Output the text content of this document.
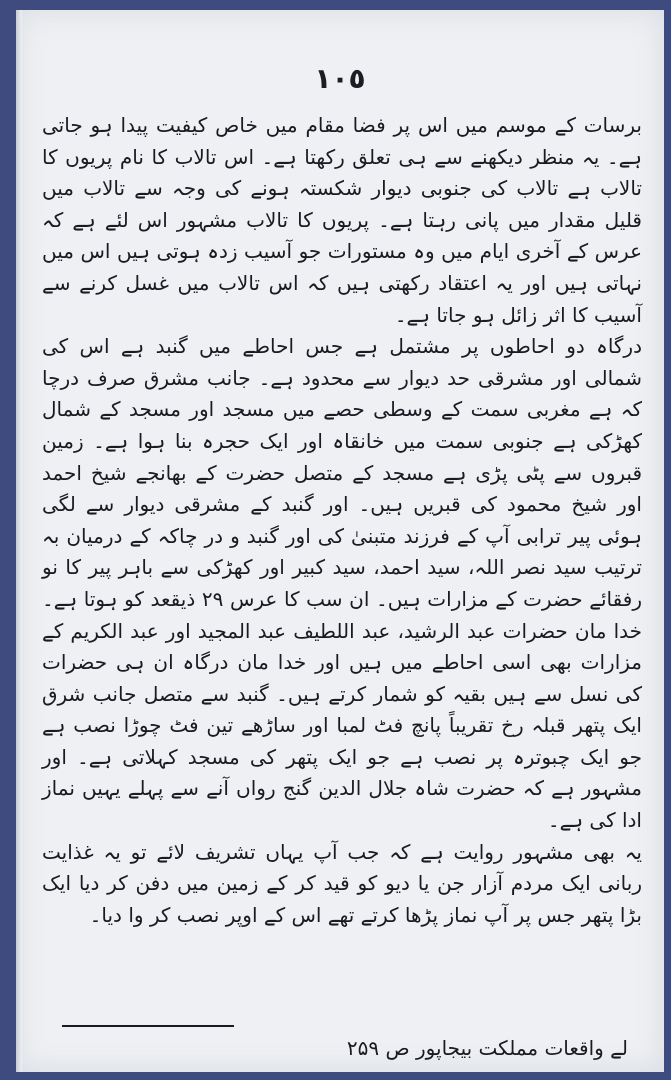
١٠٥

برسات کے موسم میں اس پر فضا مقام میں خاص کیفیت پیدا ہو جاتی ہے۔ یہ منظر دیکھنے سے ہی تعلق رکھتا ہے۔ اس تالاب کا نام پریوں کا تالاب ہے تالاب کی جنوبی دیوار شکستہ ہونے کی وجہ سے تالاب میں قلیل مقدار میں پانی رہتا ہے۔ پریوں کا تالاب مشہور اس لئے ہے کہ عرس کے آخری ایام میں وہ مستورات جو آسیب زدہ ہوتی ہیں اس میں نہاتی ہیں اور یہ اعتقاد رکھتی ہیں کہ اس تالاب میں غسل کرنے سے آسیب کا اثر زائل ہو جاتا ہے۔

درگاہ دو احاطوں پر مشتمل ہے جس احاطے میں گنبد ہے اس کی شمالی اور مشرقی حد دیوار سے محدود ہے۔ جانب مشرق صرف درچا کہ ہے مغربی سمت کے وسطی حصے میں مسجد اور مسجد کے شمال کھڑکی ہے جنوبی سمت میں خانقاہ اور ایک حجرہ بنا ہوا ہے۔ زمین قبروں سے پٹی پڑی ہے مسجد کے متصل حضرت کے بھانجے شیخ احمد اور شیخ محمود کی قبریں ہیں۔ اور گنبد کے مشرقی دیوار سے لگی ہوئی پیر ترابی آپ کے فرزند متبنیٰ کی اور گنبد و در چاکہ کے درمیان بہ ترتیب سید نصر اللہ، سید احمد، سید کبیر اور کھڑکی سے باہر پیر کا نو رفقائے حضرت کے مزارات ہیں۔ ان سب کا عرس ۲۹ ذیقعد کو ہوتا ہے۔ خدا مان حضرات عبد الرشید، عبد اللطیف عبد المجید اور عبد الکریم کے مزارات بھی اسی احاطے میں ہیں اور خدا مان درگاہ ان ہی حضرات کی نسل سے ہیں بقیہ کو شمار کرتے ہیں۔ گنبد سے متصل جانب شرق ایک پتھر قبلہ رخ تقریباً پانچ فٹ لمبا اور ساڑھے تین فٹ چوڑا نصب ہے جو ایک چبوترہ پر نصب ہے جو ایک پتھر کی مسجد کہلاتی ہے۔ اور مشہور ہے کہ حضرت شاہ جلال الدین گنج رواں آنے سے پہلے یہیں نماز ادا کی ہے۔

یہ بھی مشہور روایت ہے کہ جب آپ یہاں تشریف لائے تو یہ غذایت ربانی ایک مردم آزار جن یا دیو کو قید کر کے زمین میں دفن کر دیا ایک بڑا پتھر جس پر آپ نماز پڑھا کرتے تھے اس کے اوپر نصب کر وا دیا۔

لے واقعات مملکت بیجاپور ص ۲۵۹
